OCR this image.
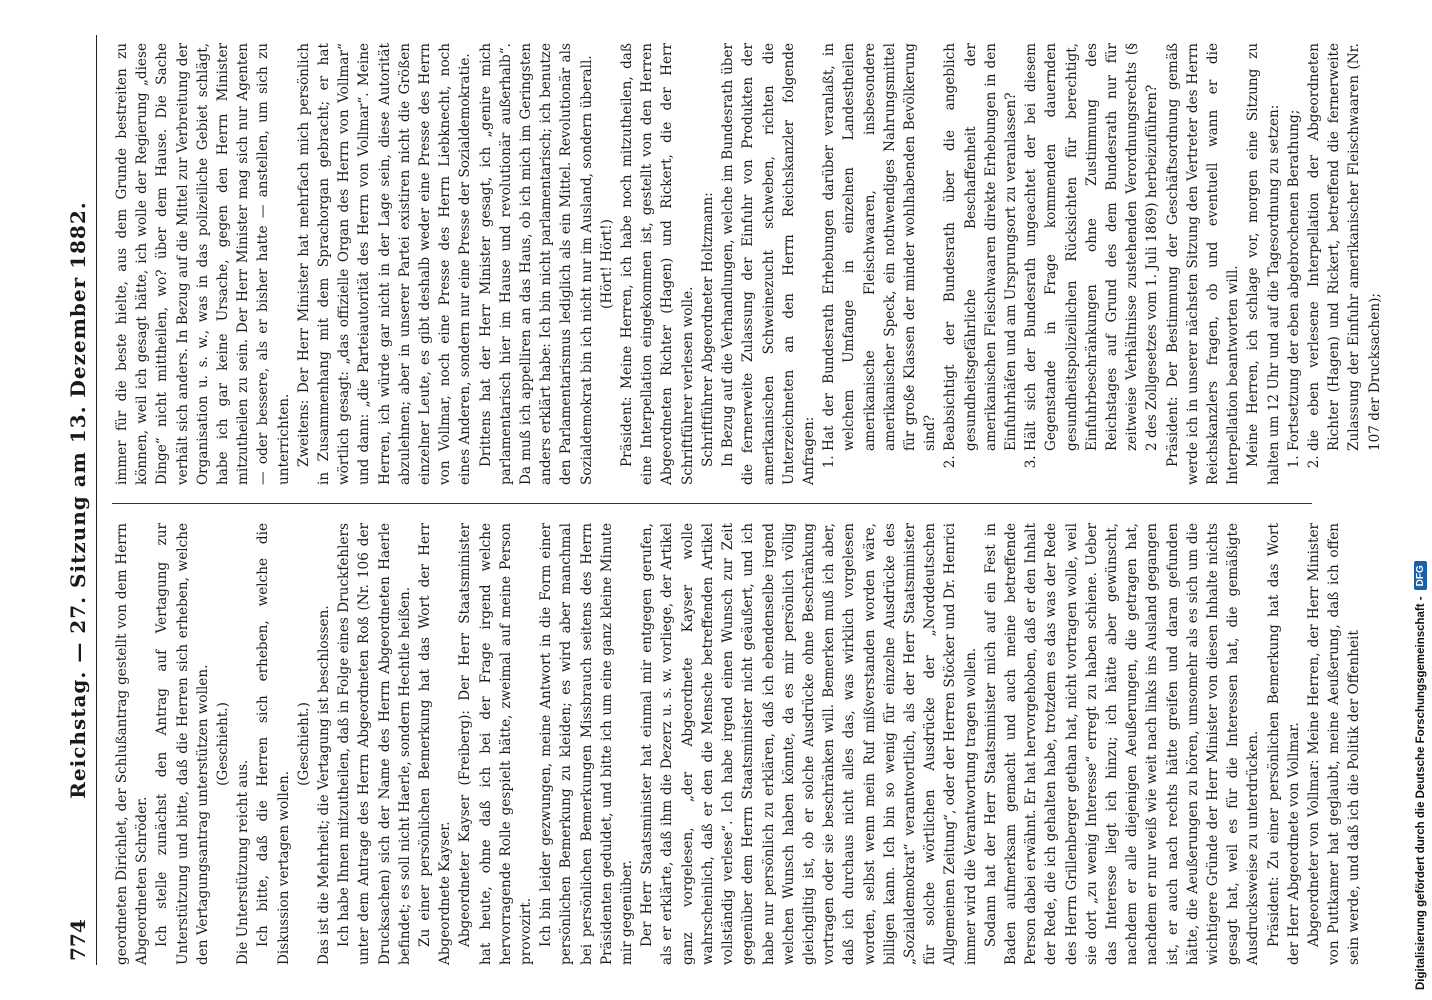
774
Reichstag. — 27. Sitzung am 13. Dezember 1882. geordneten Dirichlet, der Schlußantrag gestellt von dem Herrn Abgeordneten Schröder. Ich stelle zunächst den Antrag auf Vertagung zur Unterstützung und bitte, daß die Herren sich erheben, welche den Vertagungsantrag unterstützen wollen. (Geschieht.)

Die Unterstützung reicht aus. Ich bitte, daß die Herren sich erheben, welche die Diskussion vertagen wollen.

(Geschieht.) Das ist die Mehrheit; die Vertagung ist beschlossen. Ich habe Ihnen mitzutheilen, daß in Folge eines Druckfehlers unter dem Antrage des Herrn Abgeordneten Roß (Nr. 106 der Drucksachen) sich der Name des Herrn Abgeordneten Haerle befindet; es soll nicht Haerle, sondern Hechtle heißen. Zu einer persönlichen Bemerkung hat das Wort der Herr Abgeordnete Kayser. Abgeordneter Kayser (Freiberg): Der Herr Staatsminister hat heute, ohne daß ich bei der Frage irgend welche hervorragende Rolle gespielt hätte, zweimal auf meine Person provozirt. Ich bin leider gezwungen, meine Antwort in die Form einer persönlichen Bemerkung zu kleiden; es wird aber manchmal bei persönlichen Bemerkungen Missbrauch seitens des Herrn Präsidenten geduldet, und bitte ich um eine ganz kleine Minute mir gegenüber. Der Herr Staatsminister hat einmal mir entgegen gerufen, als er erklärte, daß ihm die Dezerz u. s. w. vorliege, der Artikel ganz vorgelesen, „der Abgeordnete Kayser wolle wahrscheinlich, daß er den die Mensche betreffenden Artikel vollständig verlese“. Ich habe irgend einen Wunsch zur Zeit gegenüber dem Herrn Staatsminister nicht geäußert, und ich habe nur persönlich zu erklären, daß ich ebendenselbe irgend welchen Wunsch haben könnte, da es mir persönlich völlig gleichgiltig ist, ob er solche Ausdrücke ohne Beschränkung vortragen oder sie beschränken will. Bemerken muß ich aber, daß ich durchaus nicht alles das, was wirklich vorgelesen worden, selbst wenn mein Ruf mißverstanden worden wäre, billigen kann. Ich bin so wenig für einzelne Ausdrücke des „Sozialdemokrat“ verantwortlich, als der Herr Staatsminister für solche wörtlichen Ausdrücke der „Norddeutschen Allgemeinen Zeitung“, oder der Herren Stöcker und Dr. Henrici immer wird die Verantwortung tragen wollen. Sodann hat der Herr Staatsminister mich auf ein Fest in Baden aufmerksam gemacht und auch meine betreffende Person dabei erwähnt. Er hat hervorgehoben, daß er den Inhalt der Rede, die ich gehalten habe, trotzdem es das was der Rede des Herrn Grillenberger gethan hat, nicht vortragen wolle, weil sie dort „zu wenig Interesse“ erregt zu haben schiene. Ueber das Interesse liegt ich hinzu; ich hätte aber gewünscht, nachdem er alle diejenigen Aeußerungen, die getragen hat, nachdem er nur weiß wie weit nach links ins Ausland gegangen ist, er auch nach rechts hätte greifen und daran gefunden hätte, die Aeußerungen zu hören, umsomehr als es sich um die wichtigere Gründe der Herr Minister von diesen Inhalte nichts gesagt hat, weil es für die Interessen hat, die gemäßigte Ausdrucksweise zu unterdrücken. Präsident: Zu einer persönlichen Bemerkung hat das Wort der Herr Abgeordnete von Vollmar. Abgeordneter von Vollmar: Meine Herren, der Herr Minister von Puttkamer hat geglaubt, meine Aeußerung, daß ich offen sein werde, und daß ich die Politik der Offenheit

immer für die beste hielte, aus dem Grunde bestreiten zu können, weil ich gesagt hätte, ich wolle der Regierung „diese Dinge“ nicht mittheilen, wo? über dem Hause. Die Sache verhält sich anders. In Bezug auf die Mittel zur Verbreitung der Organisation u. s. w., was in das polizeiliche Gebiet schlägt, habe ich gar keine Ursache, gegen den Herrn Minister mitzutheilen zu sein. Der Herr Minister mag sich nur Agenten — oder bessere, als er bisher hatte — anstellen, um sich zu unterrichten. Zweitens: Der Herr Minister hat mehrfach mich persönlich in Zusammenhang mit dem Sprachorgan gebracht; er hat wörtlich gesagt: „das offizielle Organ des Herrn von Vollmar“ und dann: „die Parteiautorität des Herrn von Vollmar“. Meine Herren, ich würde gar nicht in der Lage sein, diese Autorität abzulehnen; aber in unserer Partei existiren nicht die Größen einzelner Leute, es gibt deshalb weder eine Presse des Herrn von Vollmar, noch eine Presse des Herrn Liebknecht, noch eines Anderen, sondern nur eine Presse der Sozialdemokratie. Drittens hat der Herr Minister gesagt, ich „genire mich parlamentarisch hier im Hause und revolutionär außerhalb“. Da muß ich appelliren an das Haus, ob ich mich im Geringsten anders erklärt habe: Ich bin nicht parlamentarisch; ich benutze den Parlamentarismus lediglich als ein Mittel. Revolutionär als Sozialdemokrat bin ich nicht nur im Ausland, sondern überall. (Hört! Hört!) Präsident: Meine Herren, ich habe noch mitzutheilen, daß eine Interpellation eingekommen ist, gestellt von den Herren Abgeordneten Richter (Hagen) und Rickert, die der Herr Schriftführer verlesen wolle. Schriftführer Abgeordneter Holtzmann: In Bezug auf die Verhandlungen, welche im Bundesrath über die fernerweite Zulassung der Einfuhr von Produkten der amerikanischen Schweinezucht schweben, richten die Unterzeichneten an den Herrn Reichskanzler folgende Anfragen: 1. Hat der Bundesrath Erhebungen darüber veranlaßt, in welchem Umfange in einzelnen Landestheilen amerikanische Fleischwaaren, insbesondere amerikanischer Speck, ein nothwendiges Nahrungsmittel für große Klassen der minder wohlhabenden Bevölkerung sind? 2. Beabsichtigt der Bundesrath über die angeblich gesundheitsgefährliche Beschaffenheit der amerikanischen Fleischwaaren direkte Erhebungen in den Einfuhrhäfen und am Ursprungsort zu veranlassen? 3. Hält sich der Bundesrath ungeachtet der bei diesem Gegenstande in Frage kommenden dauernden gesundheitspolizeilichen Rücksichten für berechtigt, Einfuhrbeschränkungen ohne Zustimmung des Reichstages auf Grund des dem Bundesrath nur für zeitweise Verhältnisse zustehenden Verordnungsrechts (§ 2 des Zollgesetzes vom 1. Juli 1869) herbeizuführen? Präsident: Der Bestimmung der Geschäftsordnung gemäß werde ich in unserer nächsten Sitzung den Vertreter des Herrn Reichskanzlers fragen, ob und eventuell wann er die Interpellation beantworten will. Meine Herren, ich schlage vor, morgen eine Sitzung zu halten um 12 Uhr und auf die Tagesordnung zu setzen: 1. Fortsetzung der eben abgebrochenen Berathung; 2. die eben verlesene Interpellation der Abgeordneten Richter (Hagen) und Rickert, betreffend die fernerweite Zulassung der Einfuhr amerikanischer Fleischwaaren (Nr. 107 der Drucksachen);
Digitalisierung gefördert durch die Deutsche Forschungsgemeinschaft -
DFG
